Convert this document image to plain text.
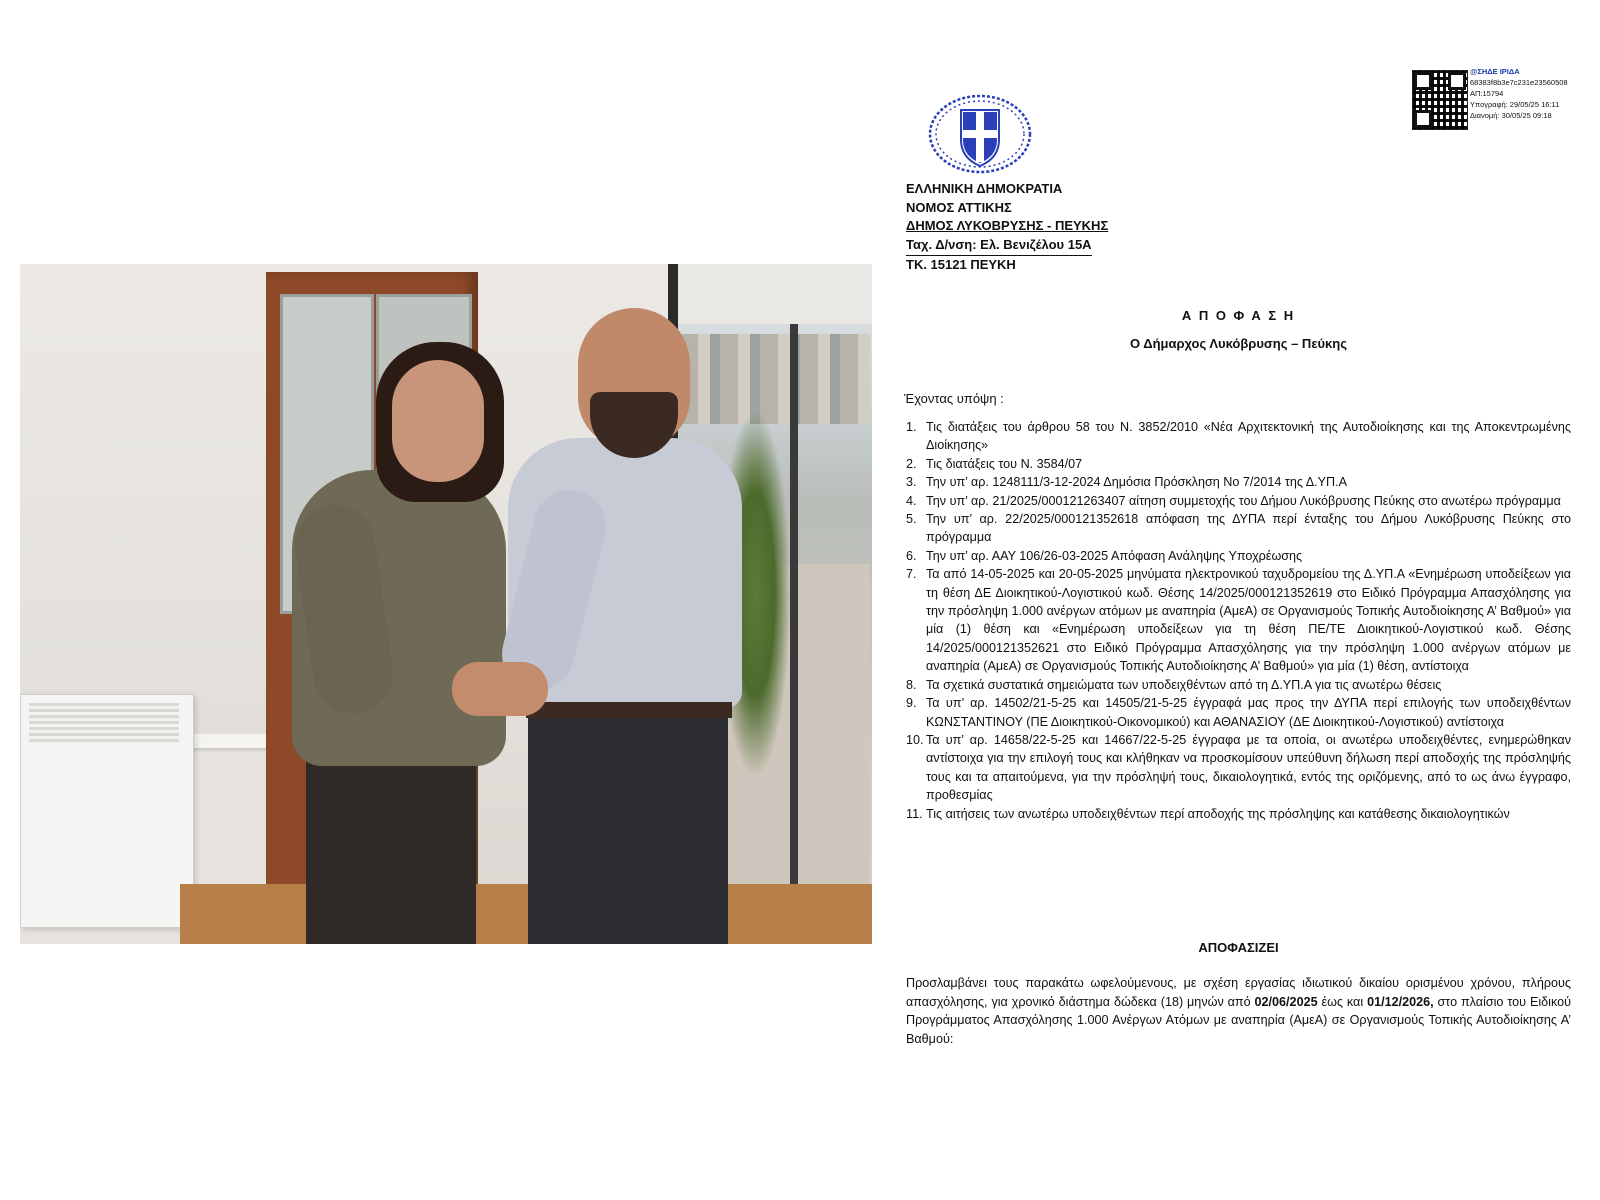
@ΣΗΔΕ ΙΡΙΔΑ
68383f8b3e7c231e23560508
ΑΠ:15794
Υπογραφή: 29/05/25 16:11
Διανομή: 30/05/25 09:18
ΕΛΛΗΝΙΚΗ ΔΗΜΟΚΡΑΤΙΑ
ΝΟΜΟΣ ΑΤΤΙΚΗΣ
ΔΗΜΟΣ ΛΥΚΟΒΡΥΣΗΣ - ΠΕΥΚΗΣ
Ταχ. Δ/νση: Ελ. Βενιζέλου 15Α
ΤΚ. 15121 ΠΕΥΚΗ
Α Π Ο Φ Α Σ Η
Ο Δήμαρχος Λυκόβρυσης – Πεύκης
Έχοντας υπόψη :
1. Τις διατάξεις του άρθρου 58 του Ν. 3852/2010 «Νέα Αρχιτεκτονική της Αυτοδιοίκησης και της Αποκεντρωμένης Διοίκησης»
2. Τις διατάξεις του Ν. 3584/07
3. Την υπ’ αρ. 1248111/3-12-2024 Δημόσια Πρόσκληση Νο 7/2014 της Δ.ΥΠ.Α
4. Την υπ’ αρ. 21/2025/000121263407 αίτηση συμμετοχής του Δήμου Λυκόβρυσης Πεύκης στο ανωτέρω πρόγραμμα
5. Την υπ’ αρ. 22/2025/000121352618 απόφαση της ΔΥΠΑ περί ένταξης του Δήμου Λυκόβρυσης Πεύκης στο πρόγραμμα
6. Την υπ’ αρ. ΑΑΥ 106/26-03-2025 Απόφαση Ανάληψης Υποχρέωσης
7. Τα από 14-05-2025 και 20-05-2025 μηνύματα ηλεκτρονικού ταχυδρομείου της Δ.ΥΠ.Α «Ενημέρωση υποδείξεων για τη θέση ΔΕ Διοικητικού-Λογιστικού κωδ. Θέσης 14/2025/000121352619 στο Ειδικό Πρόγραμμα Απασχόλησης για την πρόσληψη 1.000 ανέργων ατόμων με αναπηρία (ΑμεΑ) σε Οργανισμούς Τοπικής Αυτοδιοίκησης Α’ Βαθμού» για μία (1) θέση και «Ενημέρωση υποδείξεων για τη θέση ΠΕ/ΤΕ Διοικητικού-Λογιστικού κωδ. Θέσης 14/2025/000121352621 στο Ειδικό Πρόγραμμα Απασχόλησης για την πρόσληψη 1.000 ανέργων ατόμων με αναπηρία (ΑμεΑ) σε Οργανισμούς Τοπικής Αυτοδιοίκησης Α’ Βαθμού» για μία (1) θέση, αντίστοιχα
8. Τα σχετικά συστατικά σημειώματα των υποδειχθέντων από τη Δ.ΥΠ.Α για τις ανωτέρω θέσεις
9. Τα υπ’ αρ. 14502/21-5-25 και 14505/21-5-25 έγγραφά μας προς την ΔΥΠΑ περί επιλογής των υποδειχθέντων ΚΩΝΣΤΑΝΤΙΝΟΥ (ΠΕ Διοικητικού-Οικονομικού) και ΑΘΑΝΑΣΙΟΥ (ΔΕ Διοικητικού-Λογιστικού) αντίστοιχα
10. Τα υπ’ αρ. 14658/22-5-25 και 14667/22-5-25 έγγραφα με τα οποία, οι ανωτέρω υποδειχθέντες, ενημερώθηκαν αντίστοιχα για την επιλογή τους και κλήθηκαν να προσκομίσουν υπεύθυνη δήλωση περί αποδοχής της πρόσληψής τους και τα απαιτούμενα, για την πρόσληψή τους, δικαιολογητικά, εντός της οριζόμενης, από το ως άνω έγγραφο, προθεσμίας
11. Τις αιτήσεις των ανωτέρω υποδειχθέντων περί αποδοχής της πρόσληψης και κατάθεσης δικαιολογητικών
ΑΠΟΦΑΣΙΖΕΙ
Προσλαμβάνει τους παρακάτω ωφελούμενους, με σχέση εργασίας ιδιωτικού δικαίου ορισμένου χρόνου, πλήρους απασχόλησης, για χρονικό διάστημα δώδεκα (18) μηνών από 02/06/2025 έως και 01/12/2026, στο πλαίσιο του Ειδικού Προγράμματος Απασχόλησης 1.000 Ανέργων Ατόμων με αναπηρία (ΑμεΑ) σε Οργανισμούς Τοπικής Αυτοδιοίκησης Α’ Βαθμού:
